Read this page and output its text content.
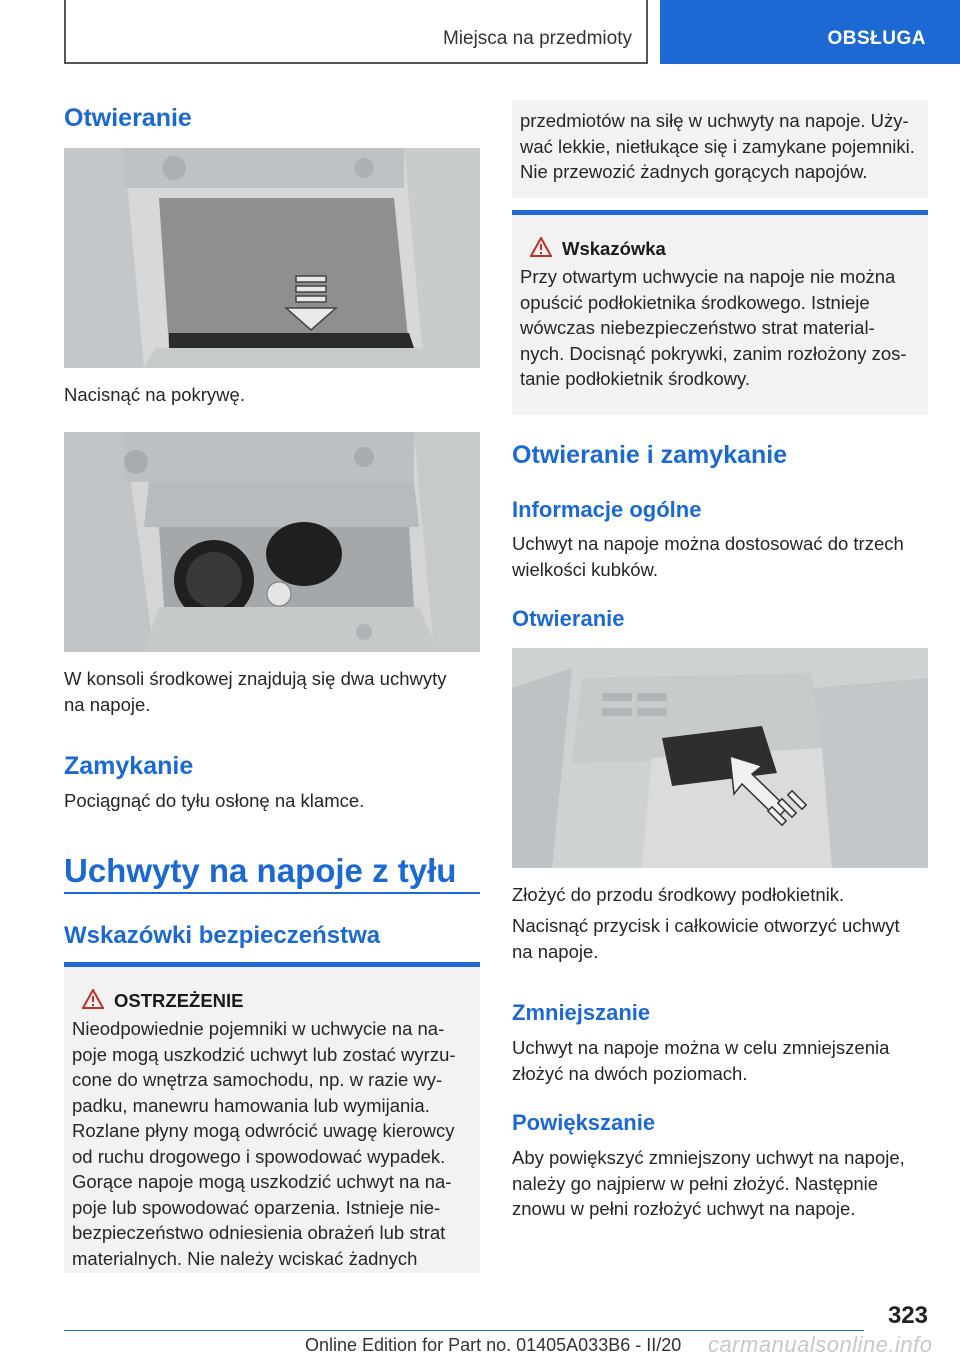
Miejsca na przedmioty	OBSŁUGA
Otwieranie
Nacisnąć na pokrywę.
W konsoli środkowej znajdują się dwa uchwyty
na napoje.
Zamykanie
Pociągnąć do tyłu osłonę na klamce.
Uchwyty na napoje z tyłu
Wskazówki bezpieczeństwa
OSTRZEŻENIE
Nieodpowiednie pojemniki w uchwycie na na-
poje mogą uszkodzić uchwyt lub zostać wyrzu-
cone do wnętrza samochodu, np. w razie wy-
padku, manewru hamowania lub wymijania.
Rozlane płyny mogą odwrócić uwagę kierowcy
od ruchu drogowego i spowodować wypadek.
Gorące napoje mogą uszkodzić uchwyt na na-
poje lub spowodować oparzenia. Istnieje nie-
bezpieczeństwo odniesienia obrażeń lub strat
materialnych. Nie należy wciskać żadnych
przedmiotów na siłę w uchwyty na napoje. Uży-
wać lekkie, nietłukące się i zamykane pojemniki.
Nie przewozić żadnych gorących napojów.
Wskazówka
Przy otwartym uchwycie na napoje nie można
opuścić podłokietnika środkowego. Istnieje
wówczas niebezpieczeństwo strat material-
nych. Docisnąć pokrywki, zanim rozłożony zos-
tanie podłokietnik środkowy.
Otwieranie i zamykanie
Informacje ogólne
Uchwyt na napoje można dostosować do trzech
wielkości kubków.
Otwieranie
Złożyć do przodu środkowy podłokietnik.
Nacisnąć przycisk i całkowicie otworzyć uchwyt
na napoje.
Zmniejszanie
Uchwyt na napoje można w celu zmniejszenia
złożyć na dwóch poziomach.
Powiększanie
Aby powiększyć zmniejszony uchwyt na napoje,
należy go najpierw w pełni złożyć. Następnie
znowu w pełni rozłożyć uchwyt na napoje.
323
Online Edition for Part no. 01405A033B6 - II/20 carmanualsonline.info
